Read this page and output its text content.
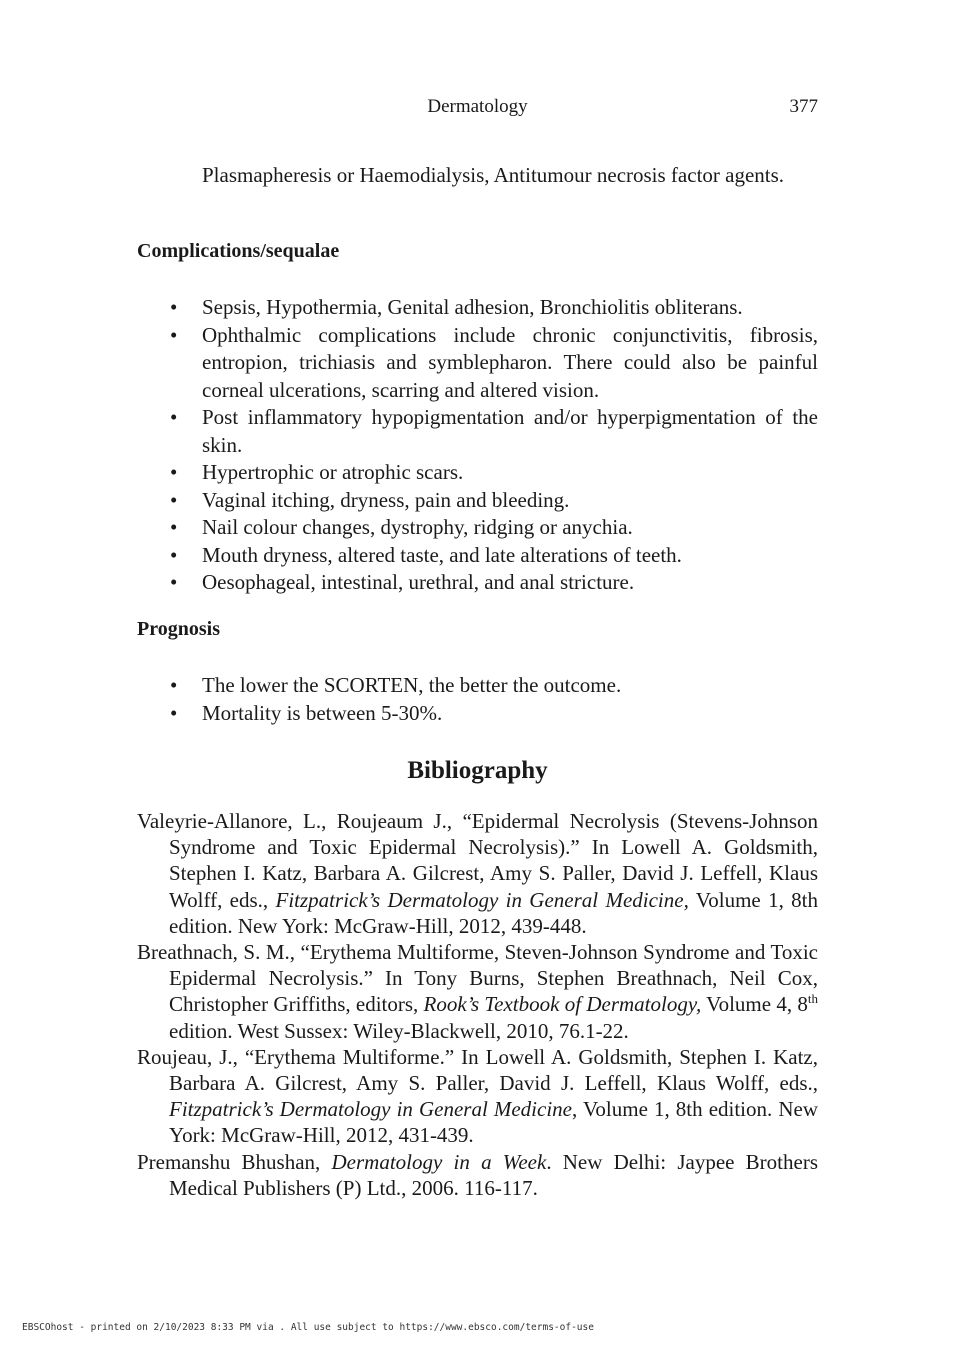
Dermatology	377
Plasmapheresis or Haemodialysis, Antitumour necrosis factor agents.
Complications/sequalae
• Sepsis, Hypothermia, Genital adhesion, Bronchiolitis obliterans.
• Ophthalmic complications include chronic conjunctivitis, fibrosis, entropion, trichiasis and symblepharon. There could also be painful corneal ulcerations, scarring and altered vision.
• Post inflammatory hypopigmentation and/or hyperpigmentation of the skin.
• Hypertrophic or atrophic scars.
• Vaginal itching, dryness, pain and bleeding.
• Nail colour changes, dystrophy, ridging or anychia.
• Mouth dryness, altered taste, and late alterations of teeth.
• Oesophageal, intestinal, urethral, and anal stricture.
Prognosis
• The lower the SCORTEN, the better the outcome.
• Mortality is between 5-30%.
Bibliography
Valeyrie-Allanore, L., Roujeaum J., “Epidermal Necrolysis (Stevens-Johnson Syndrome and Toxic Epidermal Necrolysis).” In Lowell A. Goldsmith, Stephen I. Katz, Barbara A. Gilcrest, Amy S. Paller, David J. Leffell, Klaus Wolff, eds., Fitzpatrick’s Dermatology in General Medicine, Volume 1, 8th edition. New York: McGraw-Hill, 2012, 439-448.
Breathnach, S. M., “Erythema Multiforme, Steven-Johnson Syndrome and Toxic Epidermal Necrolysis.” In Tony Burns, Stephen Breathnach, Neil Cox, Christopher Griffiths, editors, Rook’s Textbook of Dermatology, Volume 4, 8th edition. West Sussex: Wiley-Blackwell, 2010, 76.1-22.
Roujeau, J., “Erythema Multiforme.” In Lowell A. Goldsmith, Stephen I. Katz, Barbara A. Gilcrest, Amy S. Paller, David J. Leffell, Klaus Wolff, eds., Fitzpatrick’s Dermatology in General Medicine, Volume 1, 8th edition. New York: McGraw-Hill, 2012, 431-439.
Premanshu Bhushan, Dermatology in a Week. New Delhi: Jaypee Brothers Medical Publishers (P) Ltd., 2006. 116-117.
EBSCOhost - printed on 2/10/2023 8:33 PM via . All use subject to https://www.ebsco.com/terms-of-use
